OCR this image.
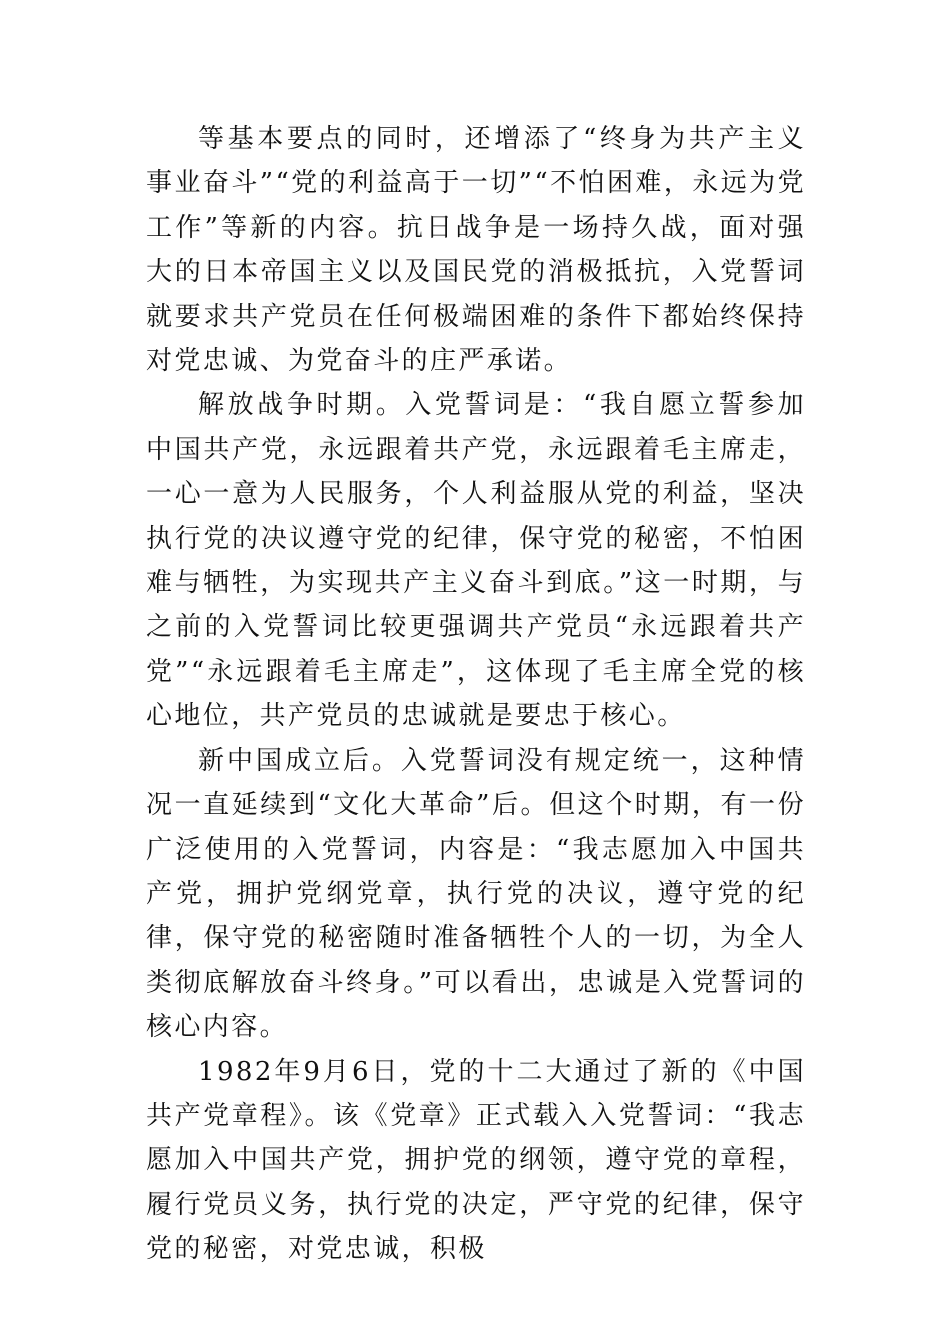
等基本要点的同时，还增添了“终身为共产主义事业奋斗”“党的利益高于一切”“不怕困难，永远为党工作”等新的内容。抗日战争是一场持久战，面对强大的日本帝国主义以及国民党的消极抵抗，入党誓词就要求共产党员在任何极端困难的条件下都始终保持对党忠诚、为党奋斗的庄严承诺。

解放战争时期。入党誓词是：“我自愿立誓参加中国共产党，永远跟着共产党，永远跟着毛主席走，一心一意为人民服务，个人利益服从党的利益，坚决执行党的决议遵守党的纪律，保守党的秘密，不怕困难与牺牲，为实现共产主义奋斗到底。”这一时期，与之前的入党誓词比较更强调共产党员“永远跟着共产党”“永远跟着毛主席走”，这体现了毛主席全党的核心地位，共产党员的忠诚就是要忠于核心。

新中国成立后。入党誓词没有规定统一，这种情况一直延续到“文化大革命”后。但这个时期，有一份广泛使用的入党誓词，内容是：“我志愿加入中国共产党，拥护党纲党章，执行党的决议，遵守党的纪律，保守党的秘密随时准备牺牲个人的一切，为全人类彻底解放奋斗终身。”可以看出，忠诚是入党誓词的核心内容。

1982年9月6日，党的十二大通过了新的《中国共产党章程》。该《党章》正式载入入党誓词：“我志愿加入中国共产党，拥护党的纲领，遵守党的章程，履行党员义务，执行党的决定，严守党的纪律，保守党的秘密，对党忠诚，积极
